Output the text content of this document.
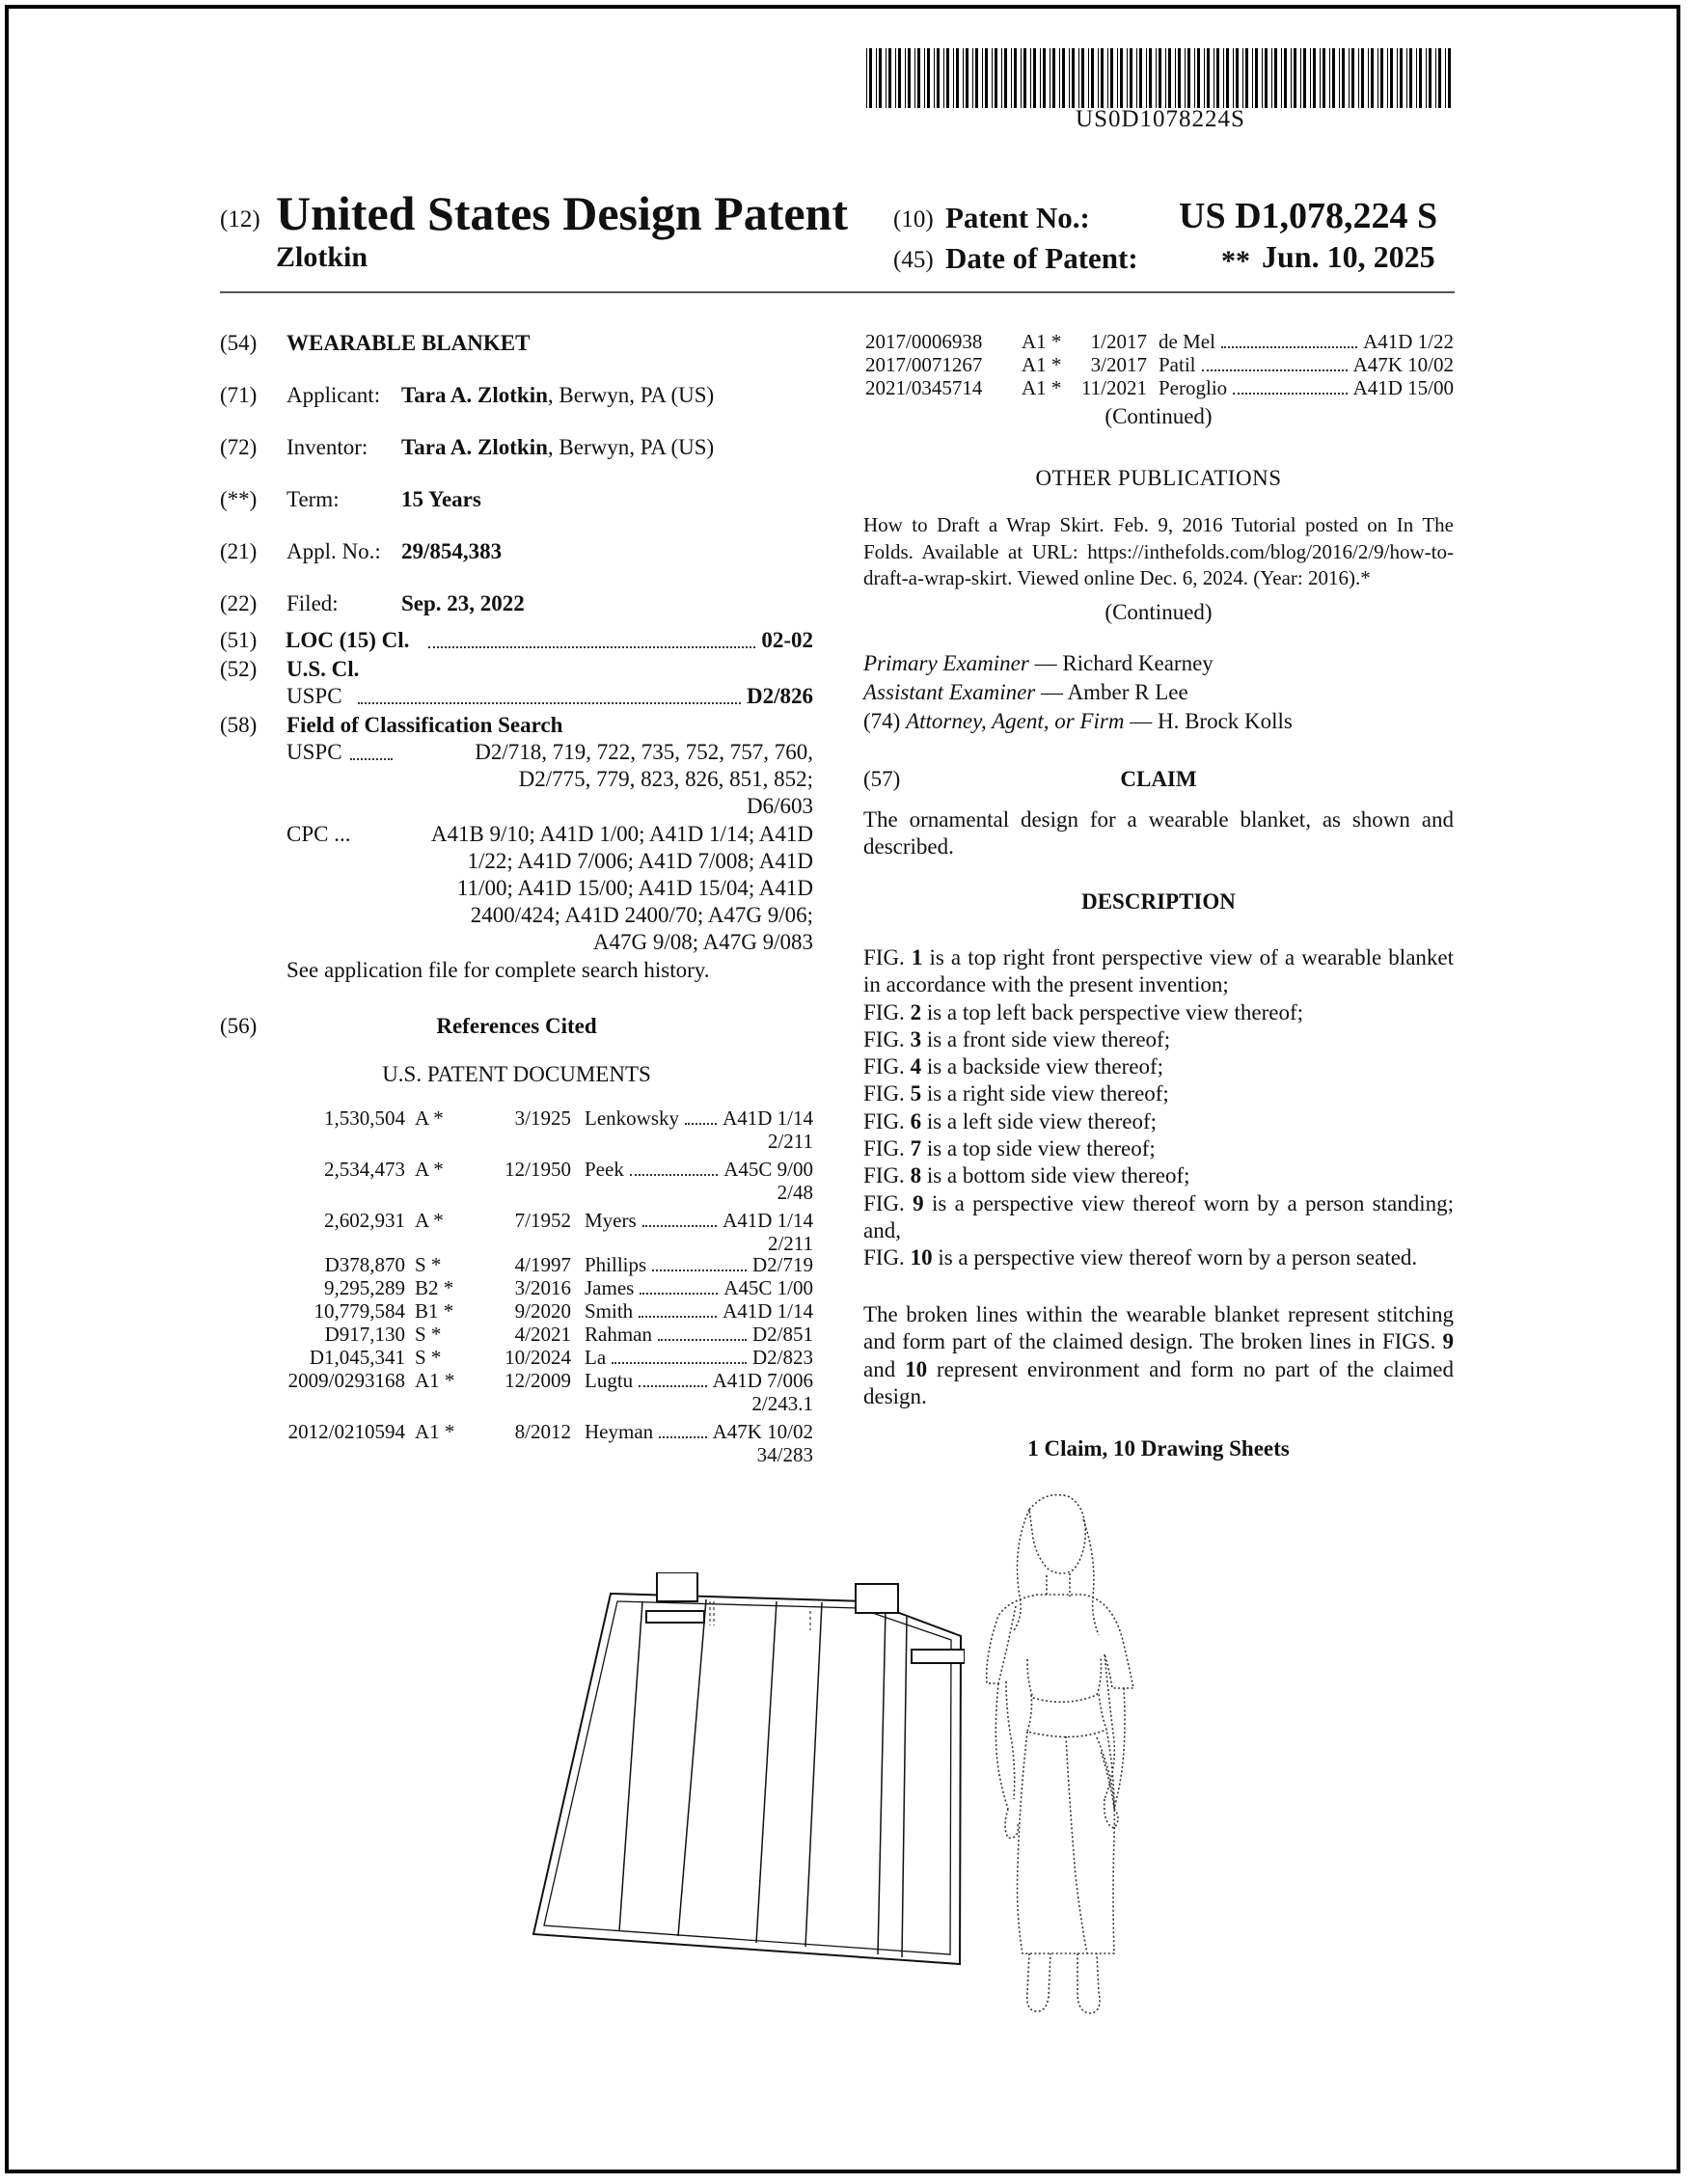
US0D1078224S
(12) United States Design Patent
Zlotkin
(10) Patent No.: US D1,078,224 S
(45) Date of Patent:	** Jun. 10, 2025
(54) WEARABLE BLANKET
(71) Applicant: Tara A. Zlotkin, Berwyn, PA (US)
(72) Inventor: Tara A. Zlotkin, Berwyn, PA (US)
(**) Term:	15 Years
(21) Appl. No.: 29/854,383
(22) Filed:	Sep. 23, 2022
(51)	LOC (15) Cl.	02-02
(52) U.S. Cl.
USPC	D2/826
(58) Field of Classification Search
USPC	D2/718, 719, 722, 735, 752, 757, 760,
D2/775, 779, 823, 826, 851, 852;
D6/603
CPC ...	A41B 9/10; A41D 1/00; A41D 1/14; A41D
1/22; A41D 7/006; A41D 7/008; A41D
11/00; A41D 15/00; A41D 15/04; A41D
2400/424; A41D 2400/70; A47G 9/06;
A47G 9/08; A47G 9/083
See application file for complete search history.
(56)	References Cited
U.S. PATENT DOCUMENTS
1,530,504 A *	3/1925 Lenkowsky A41D 1/14
2/211
2,534,473 A *	12/1950 Peek	A45C 9/00
2/48
2,602,931 A *	7/1952 Myers	A41D 1/14
2/211
D378,870 S *	4/1997 Phillips	D2/719
9,295,289 B2 *	3/2016 James	A45C 1/00
10,779,584 B1 *	9/2020 Smith	A41D 1/14
D917,130 S *	4/2021 Rahman	D2/851
D1,045,341 S *	10/2024 La	D2/823
2009/0293168 A1 *	12/2009 Lugtu	A41D 7/006
2/243.1
2012/0210594 A1 *	8/2012 Heyman	A47K 10/02
34/283
2017/0006938	A1 *	1/2017 de Mel	A41D 1/22
2017/0071267	A1 *	3/2017 Patil	A47K 10/02
2021/0345714	A1 * 11/2021 Peroglio	A41D 15/00
(Continued)
OTHER PUBLICATIONS
How to Draft a Wrap Skirt. Feb. 9, 2016 Tutorial posted on In The Folds. Available at URL: https://inthefolds.com/blog/2016/2/9/how-to-draft-a-wrap-skirt. Viewed online Dec. 6, 2024. (Year: 2016).*
(Continued)
Primary Examiner — Richard Kearney
Assistant Examiner — Amber R Lee
(74) Attorney, Agent, or Firm — H. Brock Kolls
(57)	CLAIM
The ornamental design for a wearable blanket, as shown and described.
DESCRIPTION

FIG. 1 is a top right front perspective view of a wearable blanket in accordance with the present invention;

FIG. 2 is a top left back perspective view thereof;

FIG. 3 is a front side view thereof;

FIG. 4 is a backside view thereof;

FIG. 5 is a right side view thereof;

FIG. 6 is a left side view thereof;

FIG. 7 is a top side view thereof;

FIG. 8 is a bottom side view thereof;

FIG. 9 is a perspective view thereof worn by a person standing; and,

FIG. 10 is a perspective view thereof worn by a person seated.

The broken lines within the wearable blanket represent stitching and form part of the claimed design. The broken lines in FIGS. 9 and 10 represent environment and form no part of the claimed design.
1 Claim, 10 Drawing Sheets
